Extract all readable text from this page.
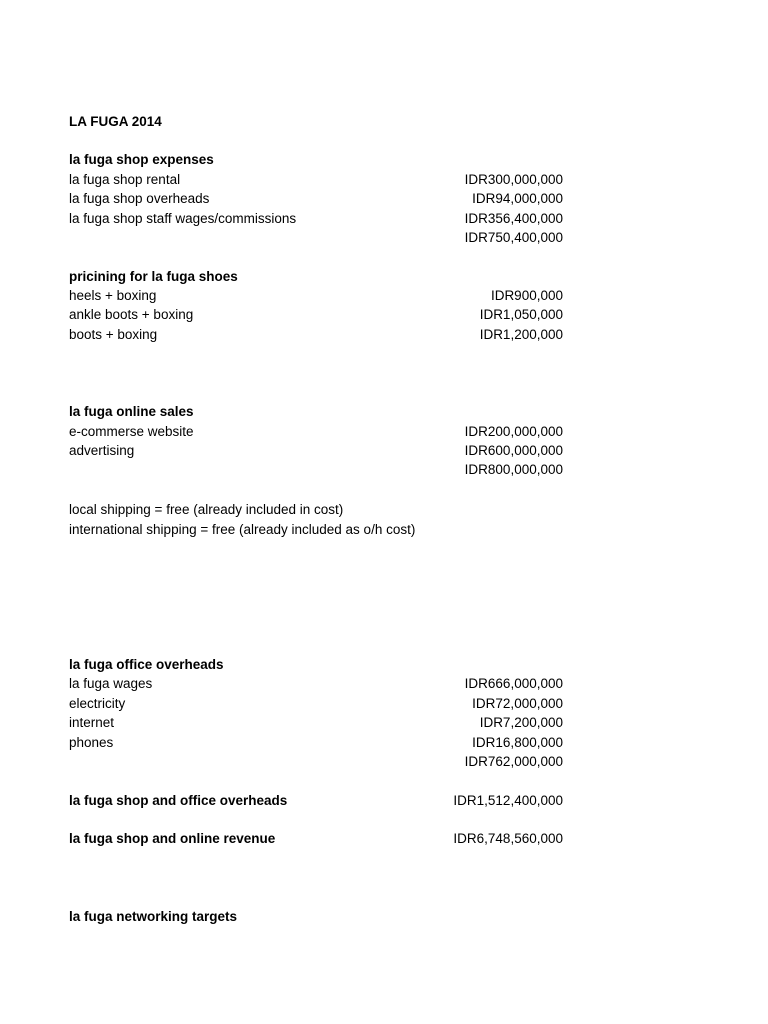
LA FUGA 2014
la fuga shop expenses
la fuga shop rental	IDR300,000,000
la fuga shop overheads	IDR94,000,000
la fuga shop staff wages/commissions	IDR356,400,000
IDR750,400,000
pricining for la fuga shoes
heels + boxing	IDR900,000
ankle boots + boxing	IDR1,050,000
boots + boxing	IDR1,200,000
la fuga online sales
e-commerse website	IDR200,000,000
advertising	IDR600,000,000
IDR800,000,000
local shipping = free (already included in cost)
international shipping = free (already included as o/h cost)
la fuga office overheads
la fuga wages	IDR666,000,000
electricity	IDR72,000,000
internet	IDR7,200,000
phones	IDR16,800,000
IDR762,000,000
la fuga shop and office overheads	IDR1,512,400,000
la fuga shop and online revenue	IDR6,748,560,000
la fuga networking targets
